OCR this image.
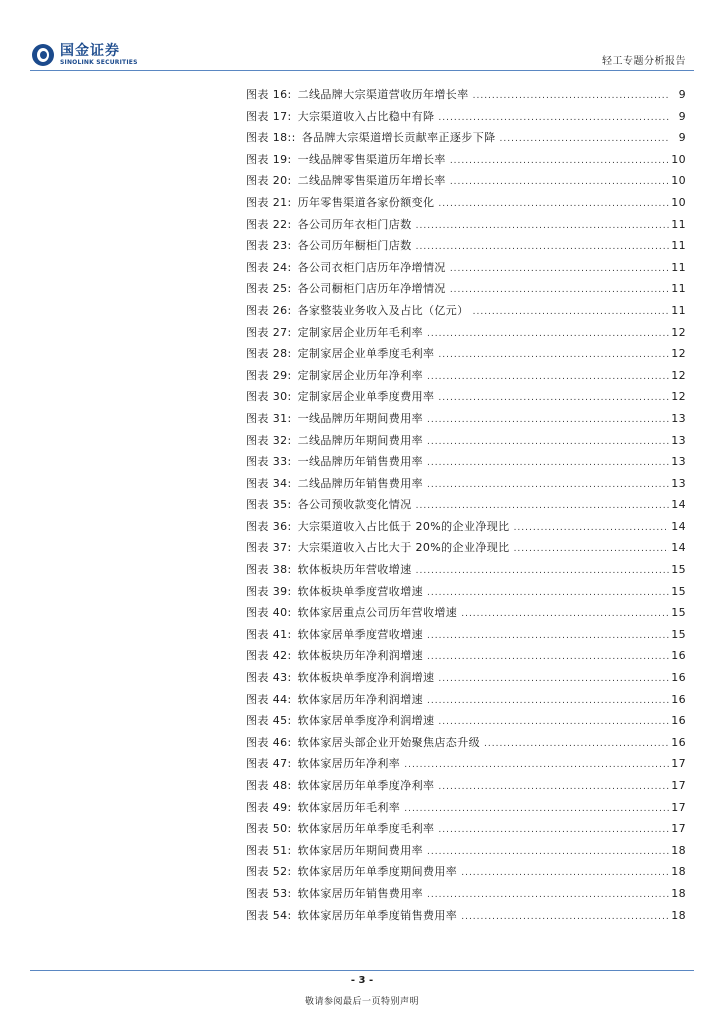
国金证券
SINOLINK SECURITIES	轻工专题分析报告
图表 16: 二线品牌大宗渠道营收历年增长率 .....	9
图表 17: 大宗渠道收入占比稳中有降 .....	9
图表 18:: 各品牌大宗渠道增长贡献率正逐步下降 .....	9
图表 19: 一线品牌零售渠道历年增长率 .....	10
图表 20: 二线品牌零售渠道历年增长率 .....	10
图表 21: 历年零售渠道各家份额变化 .....	10
图表 22: 各公司历年衣柜门店数 .....	11
图表 23: 各公司历年橱柜门店数 .....	11
图表 24: 各公司衣柜门店历年净增情况 .....	11
图表 25: 各公司橱柜门店历年净增情况 .....	11
图表 26: 各家整装业务收入及占比（亿元） .....	11
图表 27: 定制家居企业历年毛利率 .....	12
图表 28: 定制家居企业单季度毛利率 .....	12
图表 29: 定制家居企业历年净利率 .....	12
图表 30: 定制家居企业单季度费用率 .....	12
图表 31: 一线品牌历年期间费用率 .....	13
图表 32: 二线品牌历年期间费用率 .....	13
图表 33: 一线品牌历年销售费用率 .....	13
图表 34: 二线品牌历年销售费用率 .....	13
图表 35: 各公司预收款变化情况 .....	14
图表 36: 大宗渠道收入占比低于 20%的企业净现比 .....	14
图表 37: 大宗渠道收入占比大于 20%的企业净现比 .....	14
图表 38: 软体板块历年营收增速 .....	15
图表 39: 软体板块单季度营收增速 .....	15
图表 40: 软体家居重点公司历年营收增速 .....	15
图表 41: 软体家居单季度营收增速 .....	15
图表 42: 软体板块历年净利润增速 .....	16
图表 43: 软体板块单季度净利润增速 .....	16
图表 44: 软体家居历年净利润增速 .....	16
图表 45: 软体家居单季度净利润增速 .....	16
图表 46: 软体家居头部企业开始聚焦店态升级 .....	16
图表 47: 软体家居历年净利率 .....	17
图表 48: 软体家居历年单季度净利率 .....	17
图表 49: 软体家居历年毛利率 .....	17
图表 50: 软体家居历年单季度毛利率 .....	17
图表 51: 软体家居历年期间费用率 .....	18
图表 52: 软体家居历年单季度期间费用率 .....	18
图表 53: 软体家居历年销售费用率 .....	18
图表 54: 软体家居历年单季度销售费用率 .....	18
- 3 -
敬请参阅最后一页特别声明
